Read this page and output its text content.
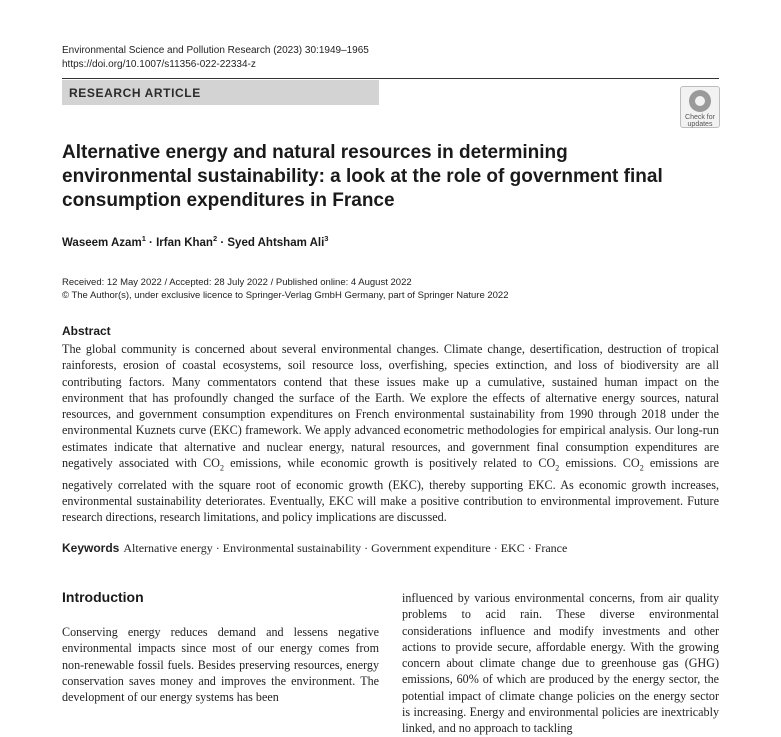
Environmental Science and Pollution Research (2023) 30:1949–1965
https://doi.org/10.1007/s11356-022-22334-z
RESEARCH ARTICLE
Check for
updates
Alternative energy and natural resources in determining
environmental sustainability: a look at the role of government final
consumption expenditures in France
Waseem Azam$^1$ · Irfan Khan$^2$ · Syed Ahtsham Ali$^3$
Received: 12 May 2022 / Accepted: 28 July 2022 / Published online: 4 August 2022
© The Author(s), under exclusive licence to Springer-Verlag GmbH Germany, part of Springer Nature 2022
Abstract
The global community is concerned about several environmental changes. Climate change, desertification, destruction of tropical rainforests, erosion of coastal ecosystems, soil resource loss, overfishing, species extinction, and loss of biodiversity are all contributing factors. Many commentators contend that these issues make up a cumulative, sustained human impact on the environment that has profoundly changed the surface of the Earth. We explore the effects of alternative energy sources, natural resources, and government consumption expenditures on French environmental sustainability from 1990 through 2018 under the environmental Kuznets curve (EKC) framework. We apply advanced econometric methodologies for empirical analysis. Our long-run estimates indicate that alternative and nuclear energy, natural resources, and government final consumption expenditures are negatively associated with $CO_2$ emissions, while economic growth is positively related to $CO_2$ emissions. $CO_2$ emissions are negatively correlated with the square root of economic growth (EKC), thereby supporting EKC. As economic growth increases, environmental sustainability deteriorates. Eventually, EKC will make a positive contribution to environmental improvement. Future research directions, research limitations, and policy implications are discussed.
Keywords Alternative energy · Environmental sustainability · Government expenditure · EKC · France
Introduction
Conserving energy reduces demand and lessens negative environmental impacts since most of our energy comes from non-renewable fossil fuels. Besides preserving resources, energy conservation saves money and improves the environment. The development of our energy systems has been
influenced by various environmental concerns, from air quality problems to acid rain. These diverse environmental considerations influence and modify investments and other actions to provide secure, affordable energy. With the growing concern about climate change due to greenhouse gas (GHG) emissions, 60% of which are produced by the energy sector, the potential impact of climate change policies on the energy sector is increasing. Energy and environmental policies are inextricably linked, and no approach to tackling
